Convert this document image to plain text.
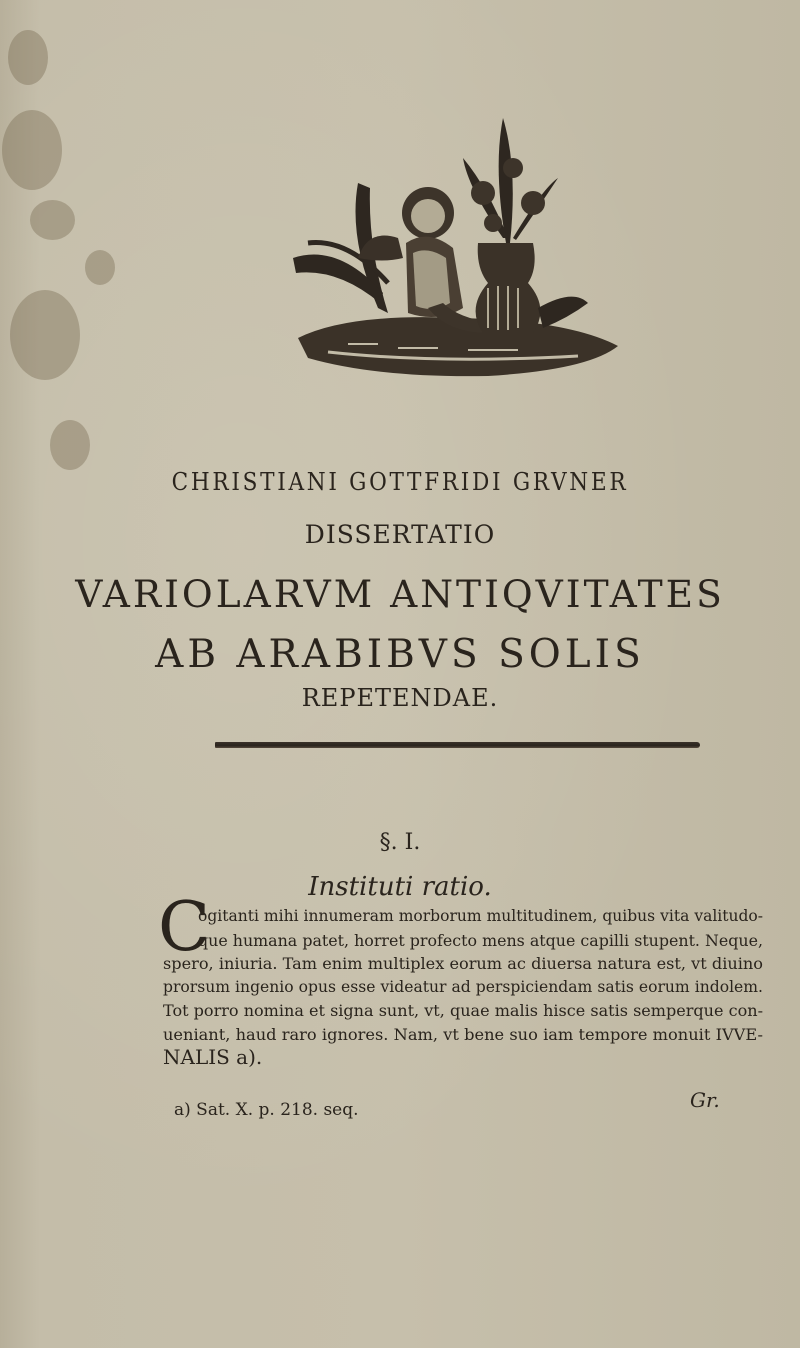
CHRISTIANI GOTTFRIDI GRVNER
DISSERTATIO
VARIOLARVM ANTIQVITATES
AB ARABIBVS SOLIS
REPETENDAE.
§. I.
Instituti ratio.
C
ogitanti mihi innumeram morborum multitudinem, quibus vita valitudo-
que humana patet, horret profecto mens atque capilli stupent. Neque,
spero, iniuria. Tam enim multiplex eorum ac diuersa natura est, vt diuino
prorsum ingenio opus esse videatur ad perspiciendam satis eorum indolem.
Tot porro nomina et signa sunt, vt, quae malis hisce satis semperque con-
ueniant, haud raro ignores. Nam, vt bene suo iam tempore monuit IVVE-
NALIS a).
Gr.
a) Sat. X. p. 218. seq.
